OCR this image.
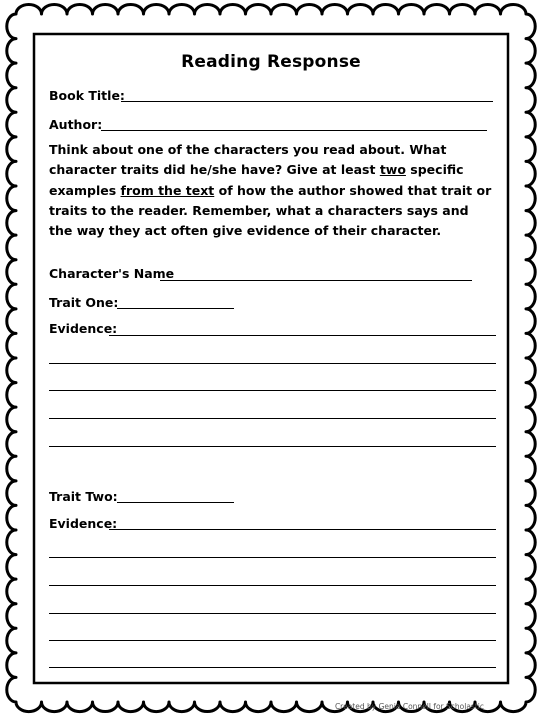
Reading Response
Book Title:
Author:
Think about one of the characters you read about. What character traits did he/she have? Give at least two specific examples from the text of how the author showed that trait or traits to the reader. Remember, what a characters says and the way they act often give evidence of their character.
Character's Name
Trait One:
Evidence:
Trait Two:
Evidence:
Created by Genia Connell for Scholastic
